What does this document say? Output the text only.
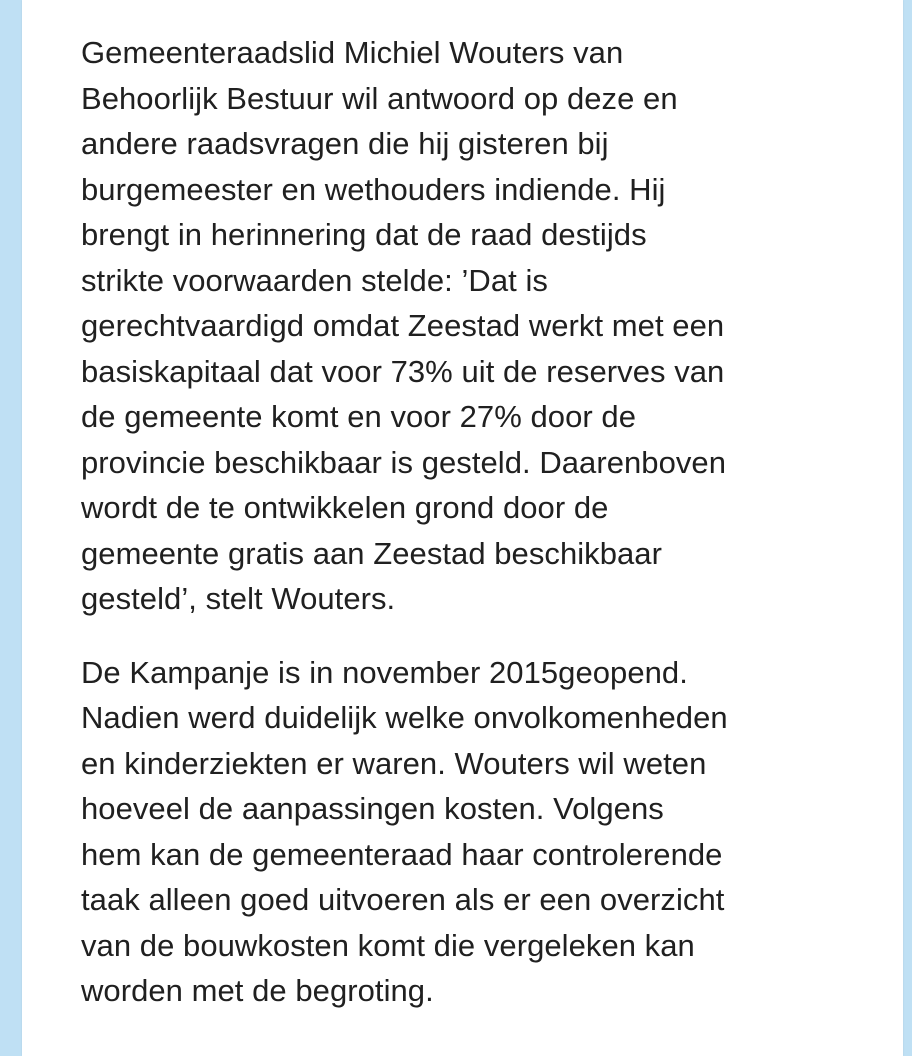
Gemeenteraadslid Michiel Wouters van
Behoorlijk Bestuur wil antwoord op deze en
andere raadsvragen die hij gisteren bij
burgemeester en wethouders indiende. Hij
brengt in herinnering dat de raad destijds
strikte voorwaarden stelde: ’Dat is
gerechtvaardigd omdat Zeestad werkt met een
basiskapitaal dat voor 73% uit de reserves van
de gemeente komt en voor 27% door de
provincie beschikbaar is gesteld. Daarenboven
wordt de te ontwikkelen grond door de
gemeente gratis aan Zeestad beschikbaar
gesteld’, stelt Wouters.

De Kampanje is in november 2015geopend.
Nadien werd duidelijk welke onvolkomenheden
en kinderziekten er waren. Wouters wil weten
hoeveel de aanpassingen kosten. Volgens
hem kan de gemeenteraad haar controlerende
taak alleen goed uitvoeren als er een overzicht
van de bouwkosten komt die vergeleken kan
worden met de begroting.
